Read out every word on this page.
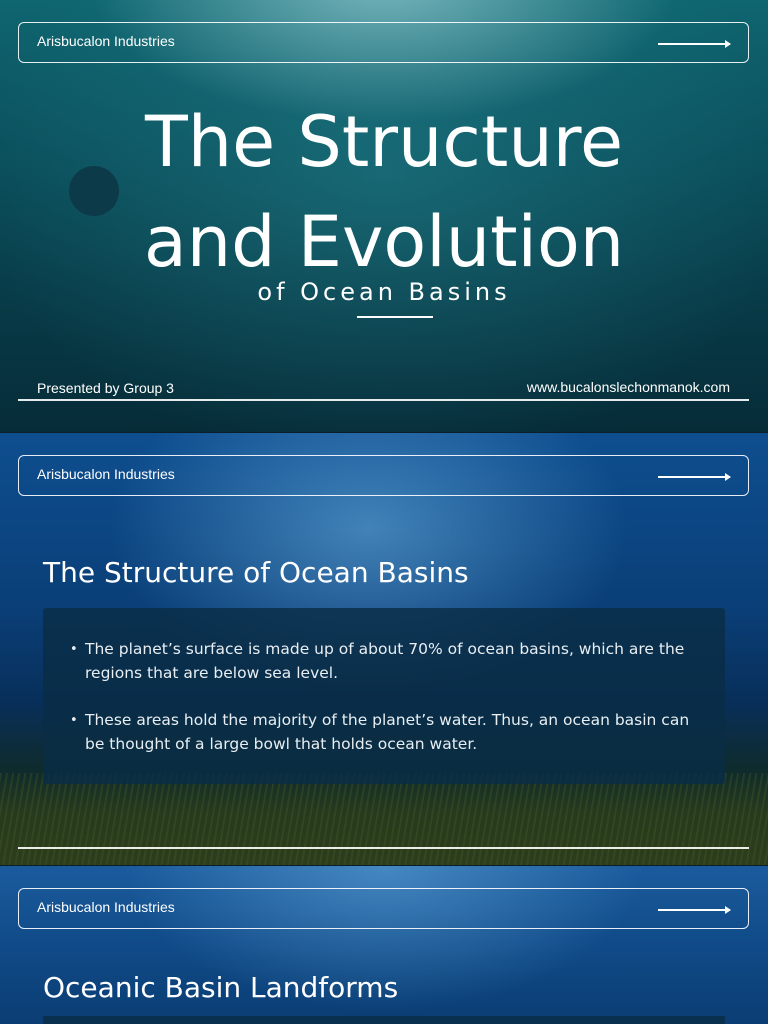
Arisbucalon Industries
The Structure
and Evolution
of Ocean Basins
Presented by Group 3	www.bucalonslechonmanok.com
Arisbucalon Industries
The Structure of Ocean Basins
• The planet’s surface is made up of about 70% of ocean basins, which are the regions that are below sea level.
• These areas hold the majority of the planet’s water. Thus, an ocean basin can be thought of a large bowl that holds ocean water.
Arisbucalon Industries
Oceanic Basin Landforms
